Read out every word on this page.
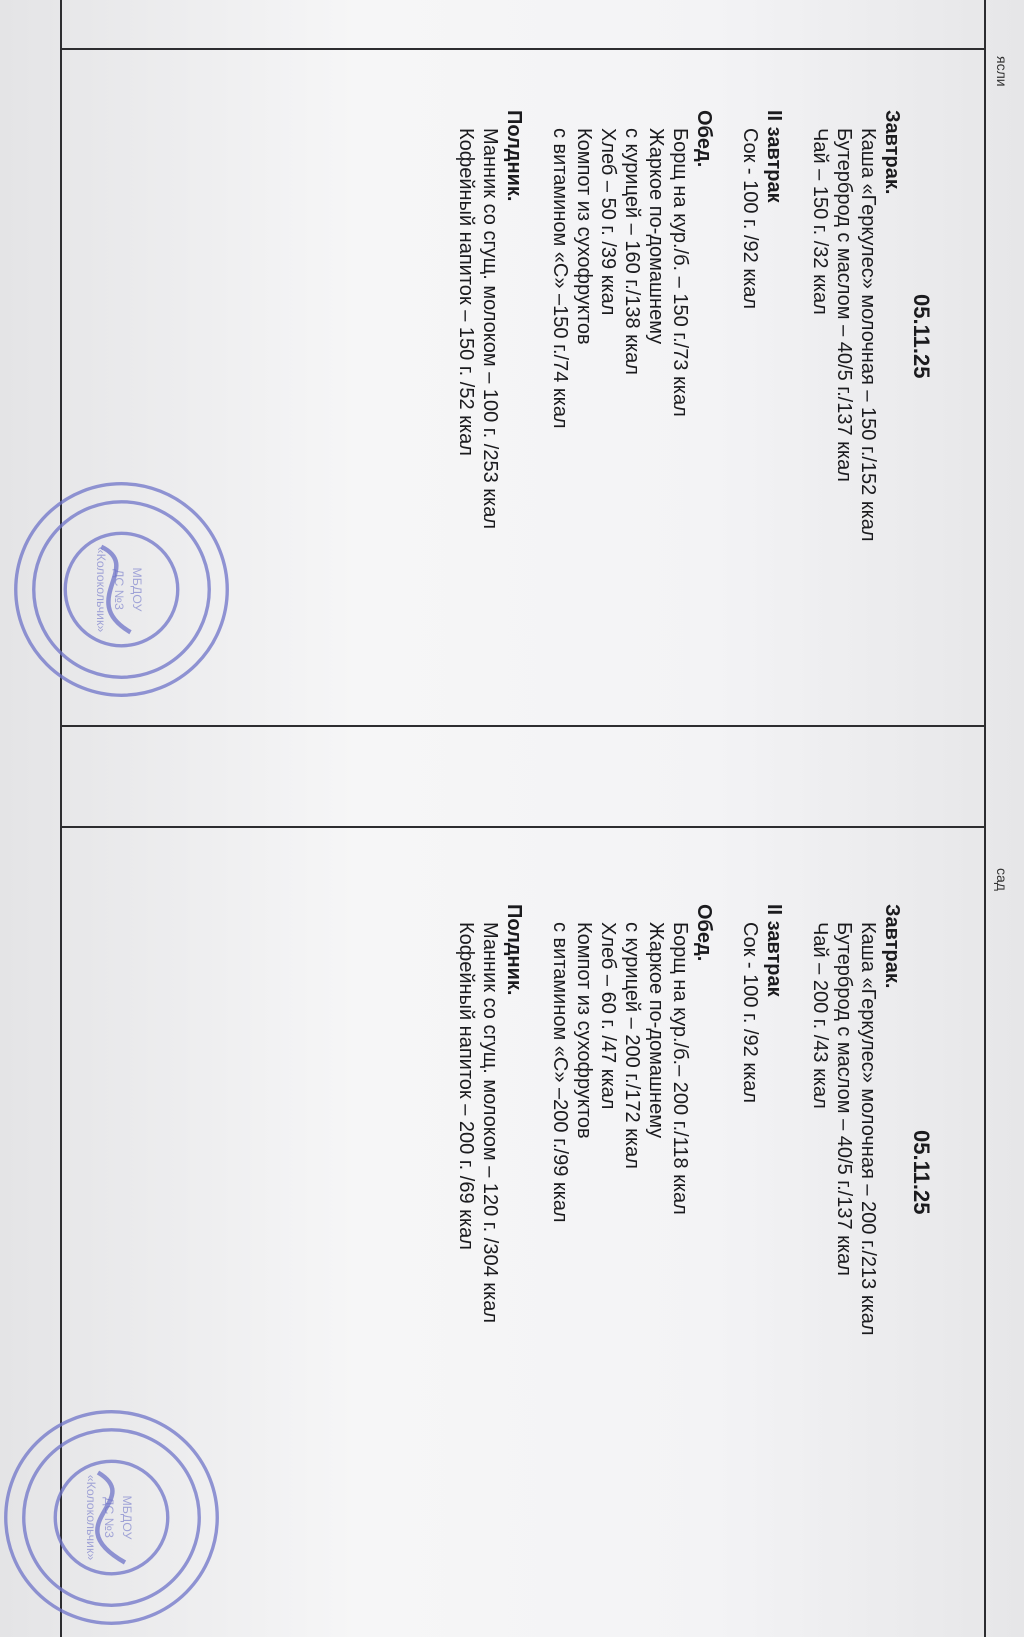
ясли
05.11.25

Завтрак.

Каша «Геркулес» молочная – 150 г./152 ккал

Бутерброд с маслом – 40/5 г./137 ккал

Чай – 150 г. /32 ккал

II завтрак

Сок - 100 г. /92 ккал

Обед.

Борщ на кур./б. – 150 г./73 ккал

Жаркое по-домашнему

с курицей – 160 г./138 ккал

Хлеб – 50 г. /39 ккал

Компот из сухофруктов

с витамином «С» –150 г./74 ккал

Полдник.

Манник со сгущ. молоком – 100 г. /253 ккал

Кофейный напиток – 150 г. /52 ккал

сад
05.11.25

Завтрак.

Каша «Геркулес» молочная – 200 г./213 ккал

Бутерброд с маслом – 40/5 г./137 ккал

Чай – 200 г. /43 ккал

II завтрак

Сок - 100 г. /92 ккал

Обед.

Борщ на кур./б.– 200 г./118 ккал

Жаркое по-домашнему

с курицей – 200 г./172 ккал

Хлеб – 60 г. /47 ккал

Компот из сухофруктов

с витамином «С» –200 г./99 ккал

Полдник.

Манник со сгущ. молоком – 120 г. /304 ккал

Кофейный напиток – 200 г. /69 ккал

МБДОУ
ДС №3
«Колокольчик»
МБДОУ
ДС №3
«Колокольчик»
